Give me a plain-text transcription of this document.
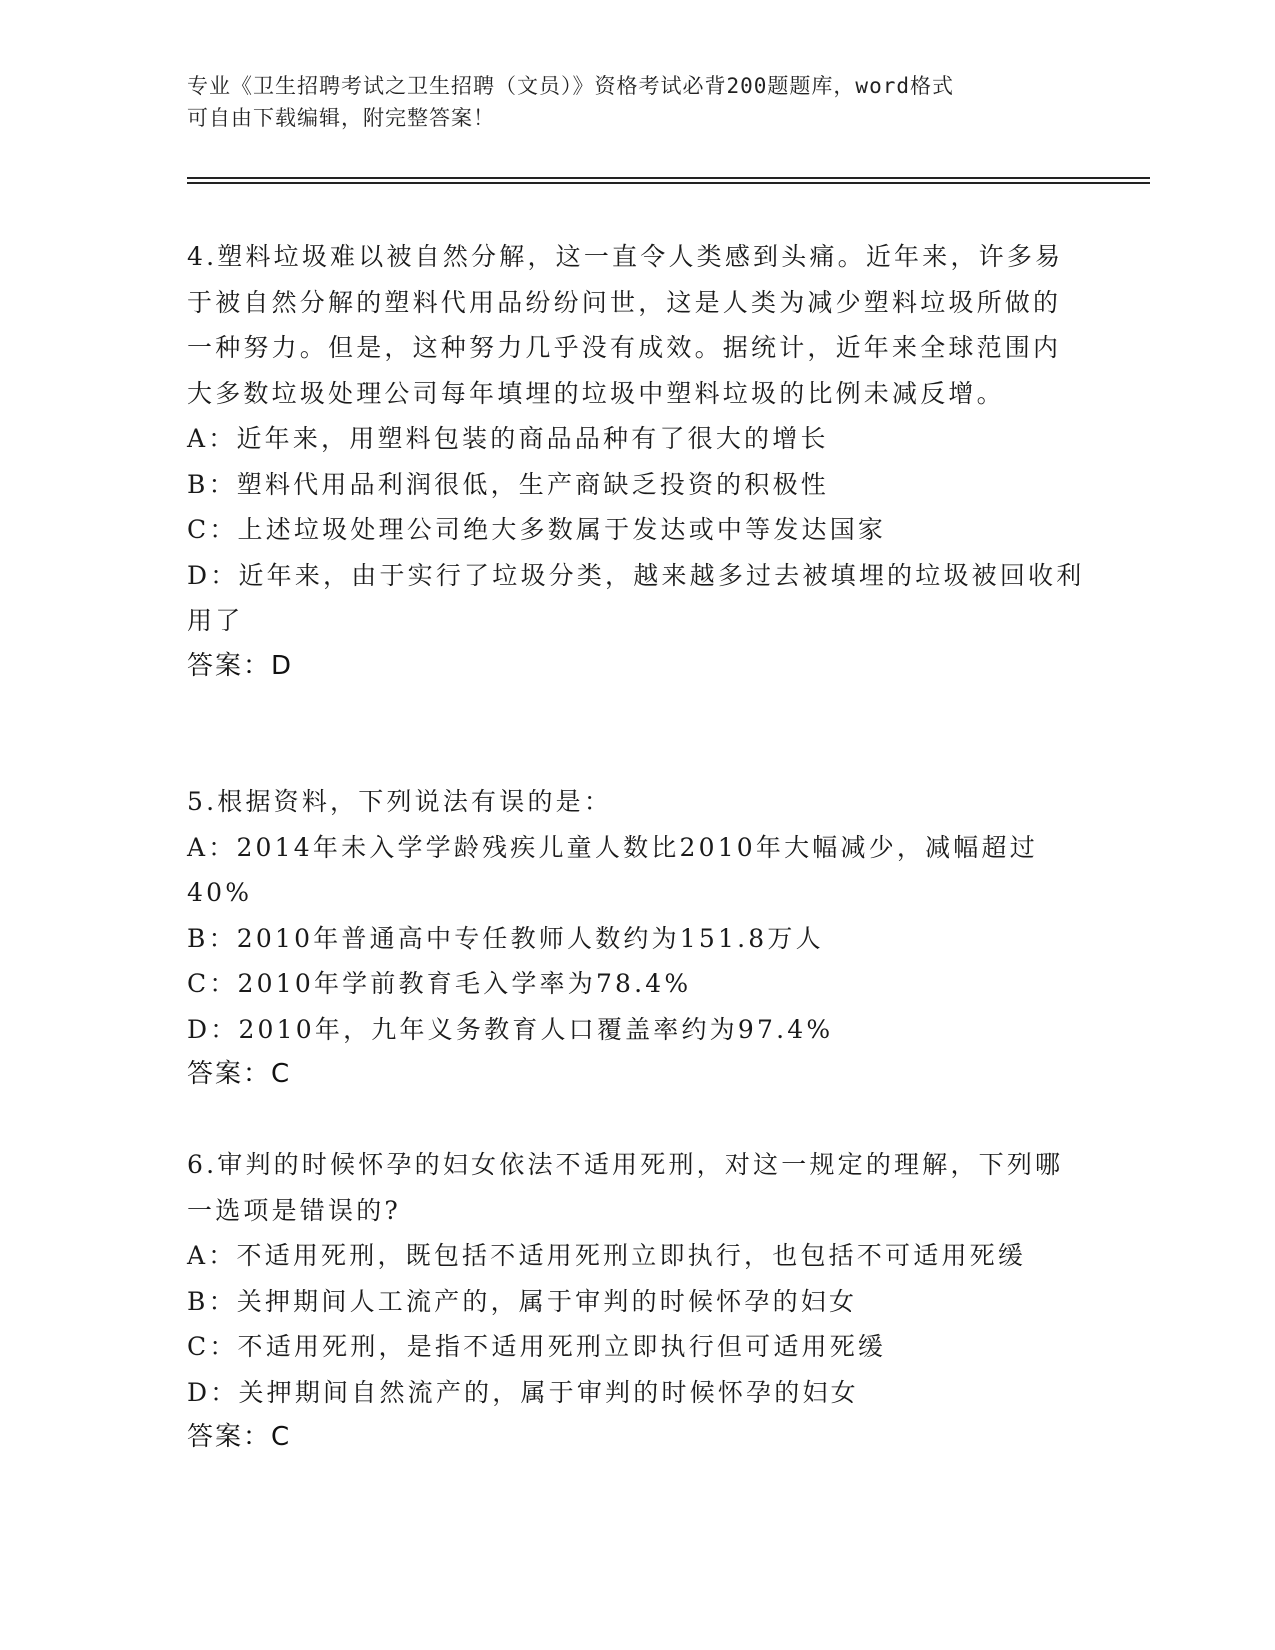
专业《卫生招聘考试之卫生招聘（文员）》资格考试必背200题题库，word格式
可自由下载编辑，附完整答案！

4.塑料垃圾难以被自然分解，这一直令人类感到头痛。近年来，许多易于被自然分解的塑料代用品纷纷问世，这是人类为减少塑料垃圾所做的一种努力。但是，这种努力几乎没有成效。据统计，近年来全球范围内大多数垃圾处理公司每年填埋的垃圾中塑料垃圾的比例未减反增。

A：近年来，用塑料包装的商品品种有了很大的增长

B：塑料代用品利润很低，生产商缺乏投资的积极性

C：上述垃圾处理公司绝大多数属于发达或中等发达国家

D：近年来，由于实行了垃圾分类，越来越多过去被填埋的垃圾被回收利用了

答案：D

5.根据资料，下列说法有误的是：

A：2014年未入学学龄残疾儿童人数比2010年大幅减少，减幅超过40%

B：2010年普通高中专任教师人数约为151.8万人

C：2010年学前教育毛入学率为78.4%

D：2010年，九年义务教育人口覆盖率约为97.4%

答案：C

6.审判的时候怀孕的妇女依法不适用死刑，对这一规定的理解，下列哪一选项是错误的?

A：不适用死刑，既包括不适用死刑立即执行，也包括不可适用死缓

B：关押期间人工流产的，属于审判的时候怀孕的妇女

C：不适用死刑，是指不适用死刑立即执行但可适用死缓

D：关押期间自然流产的，属于审判的时候怀孕的妇女

答案：C
